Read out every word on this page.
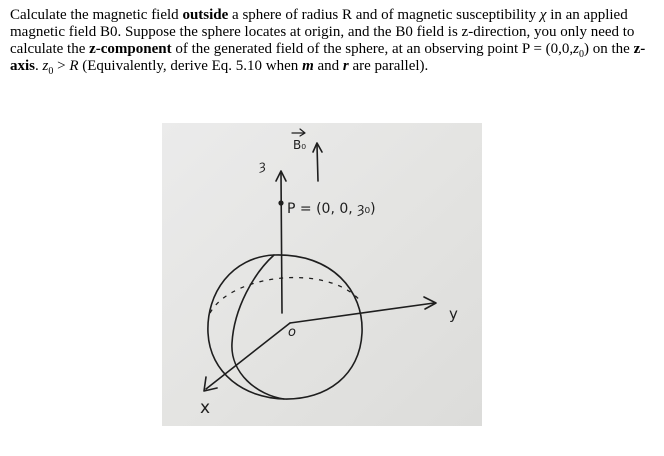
Calculate the magnetic field outside a sphere of radius R and of magnetic susceptibility χ in an applied magnetic field B0. Suppose the sphere locates at origin, and the B0 field is z-direction, you only need to calculate the z-component of the generated field of the sphere, at an observing point $P = (0,0,z_0)$ on the z-axis. $z_0 > R$ (Equivalently, derive Eq. 5.10 when m and r are parallel).
B₀
ȝ
P = (0, 0, ȝ₀)
o
y
x
